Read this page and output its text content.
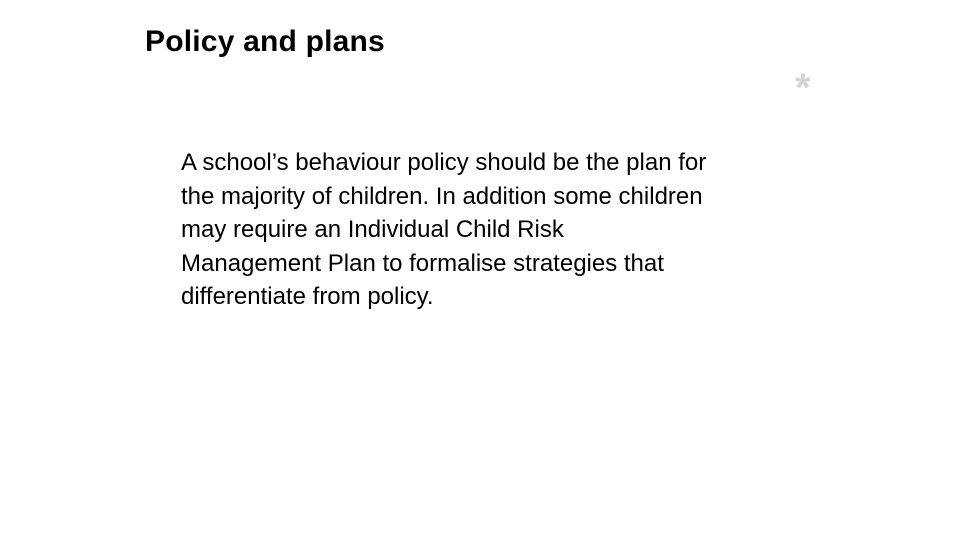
Policy and plans
*

A school’s behaviour policy should be the plan for
the majority of children. In addition some children
may require an Individual Child Risk
Management Plan to formalise strategies that
differentiate from policy.
